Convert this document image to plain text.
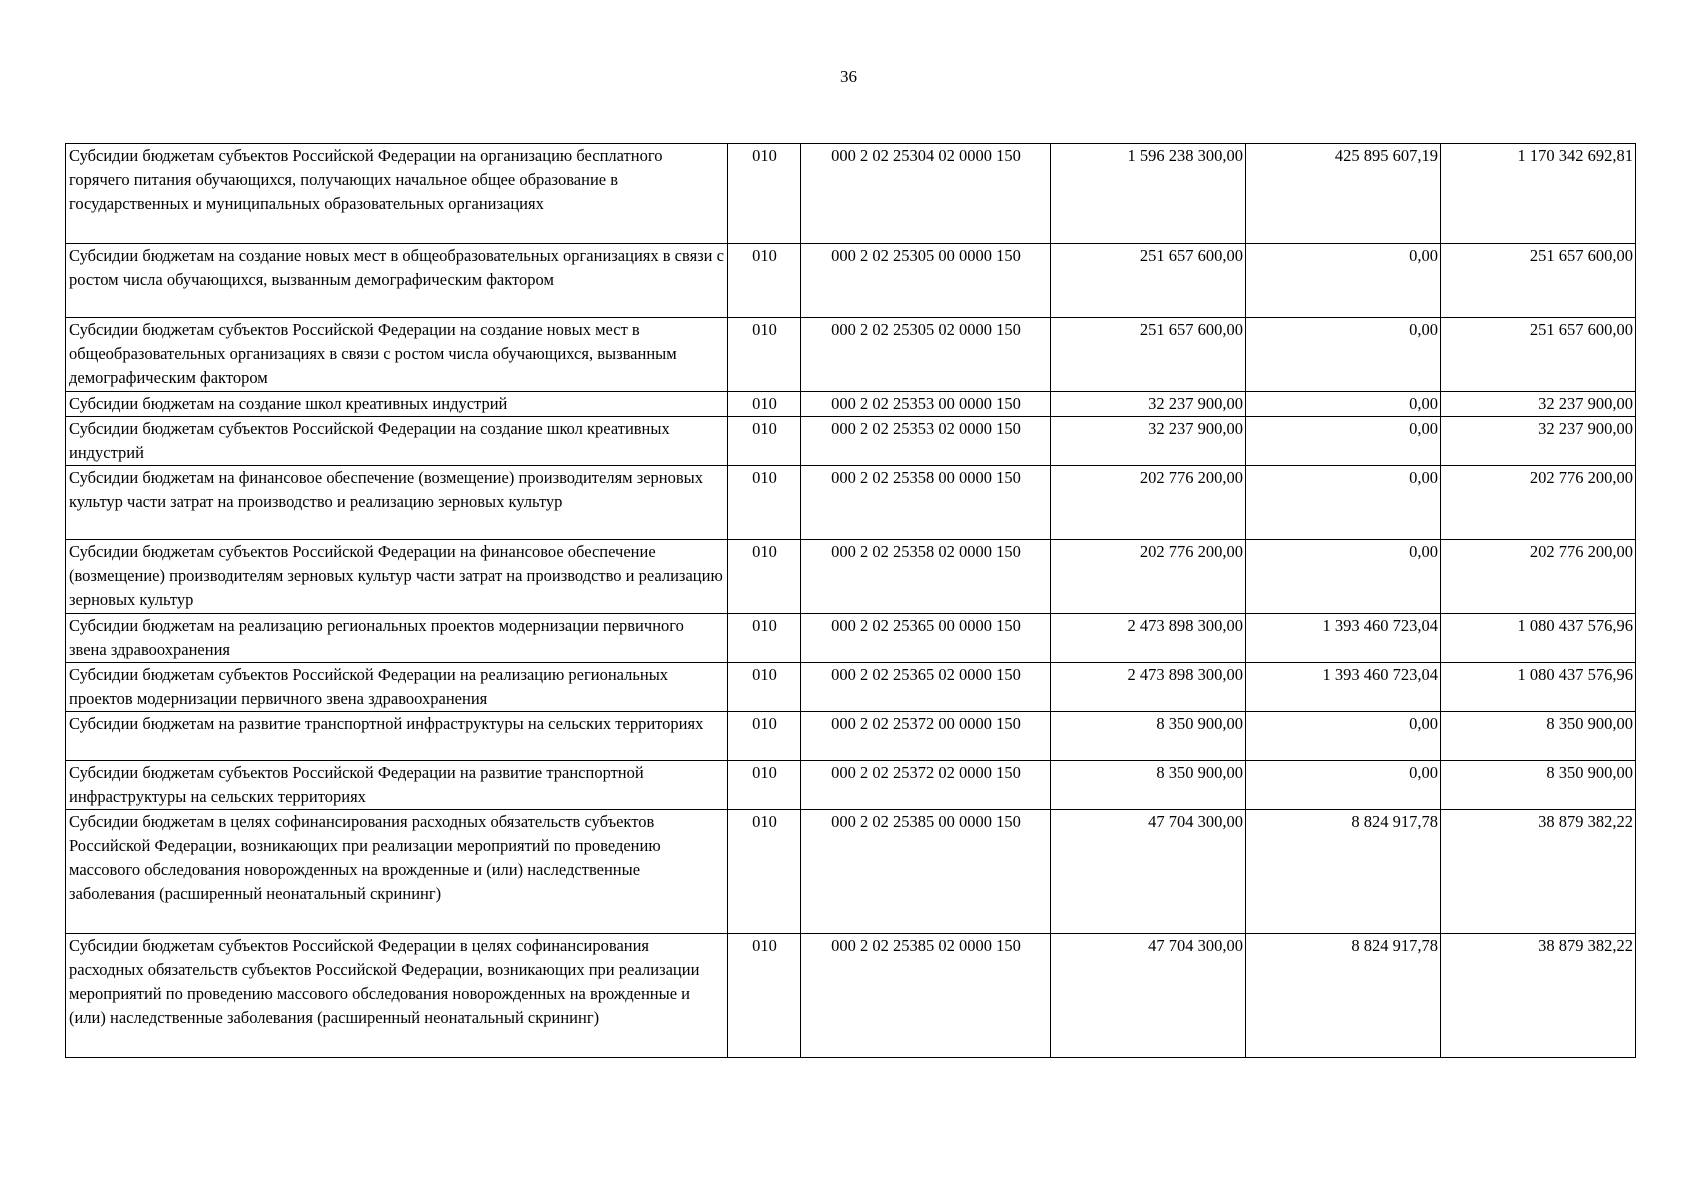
36
Субсидии бюджетам субъектов Российской Федерации на организацию бесплатного горячего питания обучающихся, получающих начальное общее образование в государственных и муниципальных образовательных организациях	010	000 2 02 25304 02 0000 150	1 596 238 300,00	425 895 607,19	1 170 342 692,81
Субсидии бюджетам на создание новых мест в общеобразовательных организациях в связи с ростом числа обучающихся, вызванным демографическим фактором	010	000 2 02 25305 00 0000 150	251 657 600,00	0,00	251 657 600,00
Субсидии бюджетам субъектов Российской Федерации на создание новых мест в общеобразовательных организациях в связи с ростом числа обучающихся, вызванным демографическим фактором	010	000 2 02 25305 02 0000 150	251 657 600,00	0,00	251 657 600,00
Субсидии бюджетам на создание школ креативных индустрий	010	000 2 02 25353 00 0000 150	32 237 900,00	0,00	32 237 900,00
Субсидии бюджетам субъектов Российской Федерации на создание школ креативных индустрий	010	000 2 02 25353 02 0000 150	32 237 900,00	0,00	32 237 900,00
Субсидии бюджетам на финансовое обеспечение (возмещение) производителям зерновых культур части затрат на производство и реализацию зерновых культур	010	000 2 02 25358 00 0000 150	202 776 200,00	0,00	202 776 200,00
Субсидии бюджетам субъектов Российской Федерации на финансовое обеспечение (возмещение) производителям зерновых культур части затрат на производство и реализацию зерновых культур	010	000 2 02 25358 02 0000 150	202 776 200,00	0,00	202 776 200,00
Субсидии бюджетам на реализацию региональных проектов модернизации первичного звена здравоохранения	010	000 2 02 25365 00 0000 150	2 473 898 300,00	1 393 460 723,04	1 080 437 576,96
Субсидии бюджетам субъектов Российской Федерации на реализацию региональных проектов модернизации первичного звена здравоохранения	010	000 2 02 25365 02 0000 150	2 473 898 300,00	1 393 460 723,04	1 080 437 576,96
Субсидии бюджетам на развитие транспортной инфраструктуры на сельских территориях	010	000 2 02 25372 00 0000 150	8 350 900,00	0,00	8 350 900,00
Субсидии бюджетам субъектов Российской Федерации на развитие транспортной инфраструктуры на сельских территориях	010	000 2 02 25372 02 0000 150	8 350 900,00	0,00	8 350 900,00
Субсидии бюджетам в целях софинансирования расходных обязательств субъектов Российской Федерации, возникающих при реализации мероприятий по проведению массового обследования новорожденных на врожденные и (или) наследственные заболевания (расширенный неонатальный скрининг)	010	000 2 02 25385 00 0000 150	47 704 300,00	8 824 917,78	38 879 382,22
Субсидии бюджетам субъектов Российской Федерации в целях софинансирования расходных обязательств субъектов Российской Федерации, возникающих при реализации мероприятий по проведению массового обследования новорожденных на врожденные и (или) наследственные заболевания (расширенный неонатальный скрининг)	010	000 2 02 25385 02 0000 150	47 704 300,00	8 824 917,78	38 879 382,22
